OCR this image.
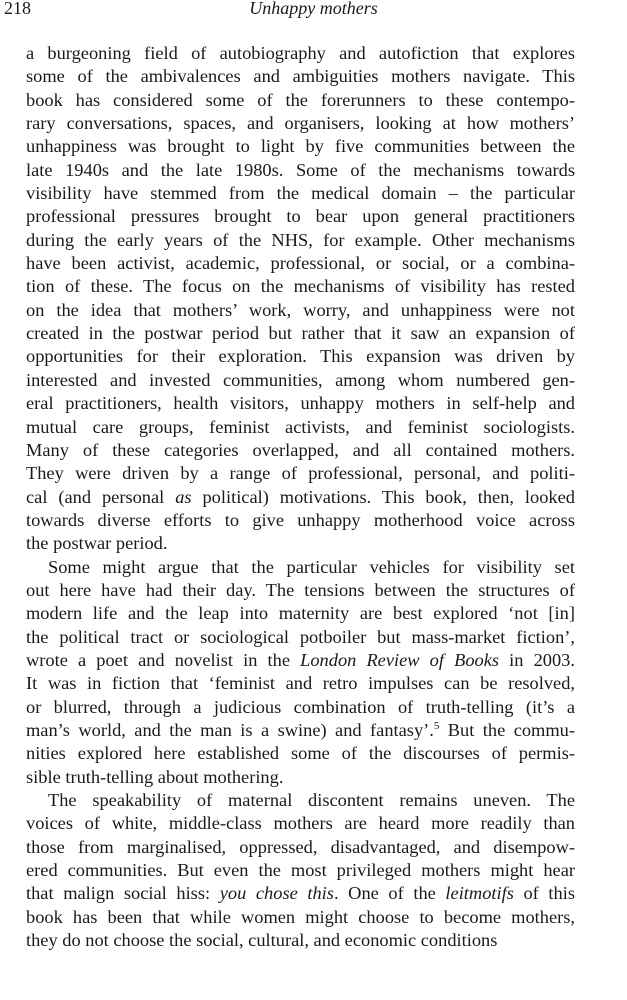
218	Unhappy mothers
a burgeoning field of autobiography and autofiction that explores
some of the ambivalences and ambiguities mothers navigate. This
book has considered some of the forerunners to these contempo-
rary conversations, spaces, and organisers, looking at how mothers’
unhappiness was brought to light by five communities between the
late 1940s and the late 1980s. Some of the mechanisms towards
visibility have stemmed from the medical domain – the particular
professional pressures brought to bear upon general practitioners
during the early years of the NHS, for example. Other mechanisms
have been activist, academic, professional, or social, or a combina-
tion of these. The focus on the mechanisms of visibility has rested
on the idea that mothers’ work, worry, and unhappiness were not
created in the postwar period but rather that it saw an expansion of
opportunities for their exploration. This expansion was driven by
interested and invested communities, among whom numbered gen-
eral practitioners, health visitors, unhappy mothers in self-help and
mutual care groups, feminist activists, and feminist sociologists.
Many of these categories overlapped, and all contained mothers.
They were driven by a range of professional, personal, and politi-
cal (and personal as political) motivations. This book, then, looked
towards diverse efforts to give unhappy motherhood voice across
the postwar period.
Some might argue that the particular vehicles for visibility set
out here have had their day. The tensions between the structures of
modern life and the leap into maternity are best explored ‘not [in]
the political tract or sociological potboiler but mass-market fiction’,
wrote a poet and novelist in the London Review of Books in 2003.
It was in fiction that ‘feminist and retro impulses can be resolved,
or blurred, through a judicious combination of truth-telling (it’s a
man’s world, and the man is a swine) and fantasy’.$^5$ But the commu-
nities explored here established some of the discourses of permis-
sible truth-telling about mothering.
The speakability of maternal discontent remains uneven. The
voices of white, middle-class mothers are heard more readily than
those from marginalised, oppressed, disadvantaged, and disempow-
ered communities. But even the most privileged mothers might hear
that malign social hiss: you chose this. One of the leitmotifs of this
book has been that while women might choose to become mothers,
they do not choose the social, cultural, and economic conditions
